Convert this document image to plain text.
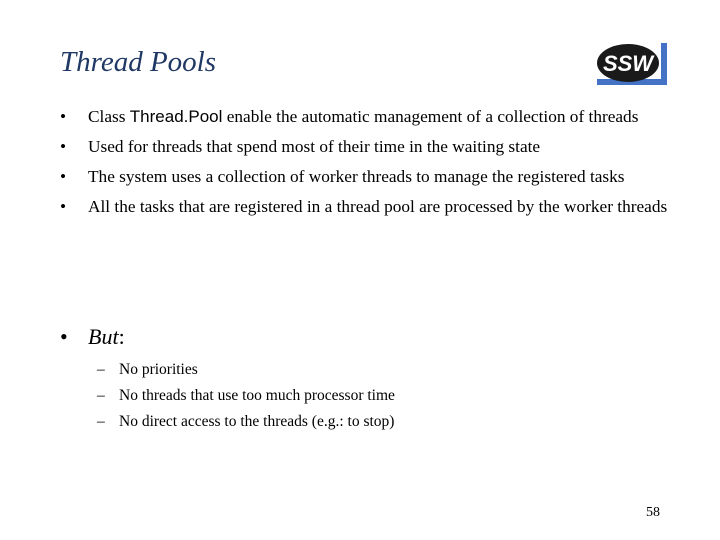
Thread Pools	SSW
• Class Thread.Pool enable the automatic management of a collection of threads
• Used for threads that spend most of their time in the waiting state
• The system uses a collection of worker threads to manage the registered tasks
• All the tasks that are registered in a thread pool are processed by the worker threads
• But:
– No priorities
– No threads that use too much processor time
– No direct access to the threads (e.g.: to stop)
58
